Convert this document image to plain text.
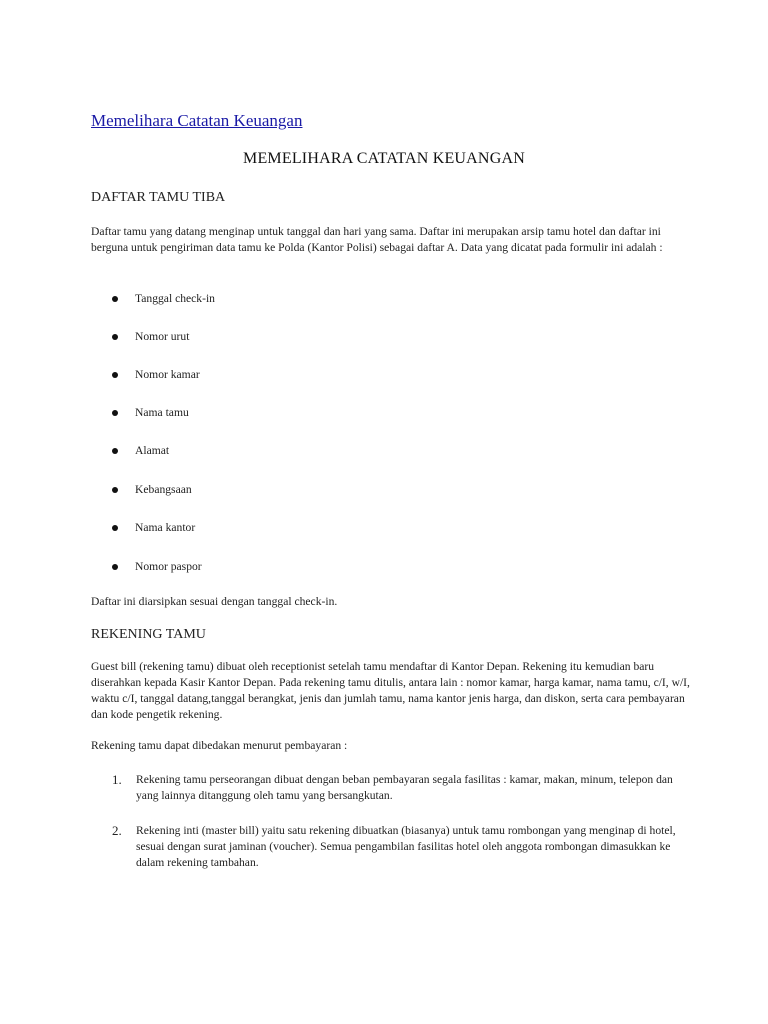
Memelihara Catatan Keuangan
MEMELIHARA CATATAN KEUANGAN
DAFTAR TAMU TIBA

Daftar tamu yang datang menginap untuk tanggal dan hari yang sama. Daftar ini merupakan arsip tamu hotel dan daftar ini berguna untuk pengiriman data tamu ke Polda (Kantor Polisi) sebagai daftar A. Data yang dicatat pada formulir ini adalah :

Tanggal check-in
Nomor urut
Nomor kamar
Nama tamu
Alamat
Kebangsaan
Nama kantor
Nomor paspor

Daftar ini diarsipkan sesuai dengan tanggal check-in.

REKENING TAMU

Guest bill (rekening tamu) dibuat oleh receptionist setelah tamu mendaftar di Kantor Depan. Rekening itu kemudian baru diserahkan kepada Kasir Kantor Depan. Pada rekening tamu ditulis, antara lain : nomor kamar, harga kamar, nama tamu, c/I, w/I, waktu c/I, tanggal datang,tanggal berangkat, jenis dan jumlah tamu, nama kantor jenis harga, dan diskon, serta cara pembayaran dan kode pengetik rekening.

Rekening tamu dapat dibedakan menurut pembayaran :

1. Rekening tamu perseorangan dibuat dengan beban pembayaran segala fasilitas : kamar, makan, minum, telepon dan yang lainnya ditanggung oleh tamu yang bersangkutan.
2. Rekening inti (master bill) yaitu satu rekening dibuatkan (biasanya) untuk tamu rombongan yang menginap di hotel, sesuai dengan surat jaminan (voucher). Semua pengambilan fasilitas hotel oleh anggota rombongan dimasukkan ke dalam rekening tambahan.
